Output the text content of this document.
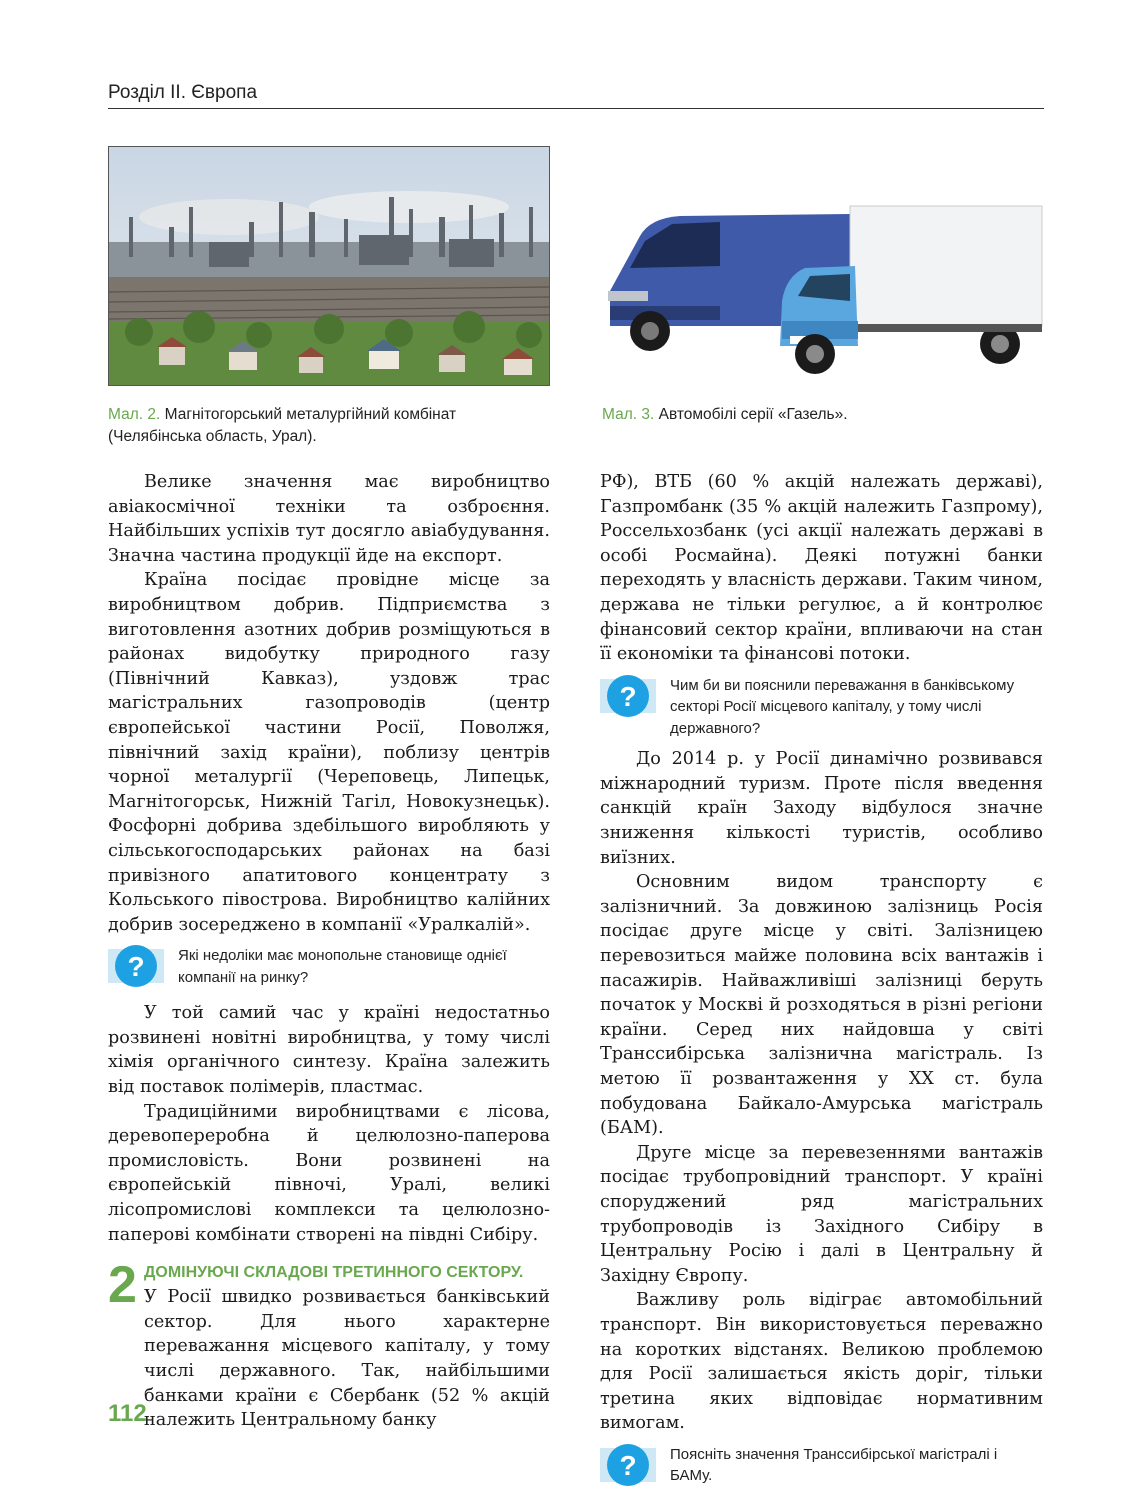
Розділ ІІ. Європа
Мал. 2. Магнітогорський металургійний комбінат (Челябінська область, Урал).
Мал. 3. Автомобілі серії «Газель».

Велике значення має виробництво авіакосмічної техніки та озброєння. Найбільших успіхів тут досягло авіабудування. Значна частина продукції йде на експорт.

Країна посідає провідне місце за виробництвом добрив. Підприємства з виготовлення азотних добрив розміщуються в районах видобутку природного газу (Північний Кавказ), уздовж трас магістральних газопроводів (центр європейської частини Росії, Поволжя, північний захід країни), поблизу центрів чорної металургії (Череповець, Липецьк, Магнітогорськ, Нижній Тагіл, Новокузнецьк). Фосфорні добрива здебільшого виробляють у сільськогосподарських районах на базі привізного апатитового концентрату з Кольського півострова. Виробництво калійних добрив зосереджено в компанії «Уралкалій».

? Які недоліки має монопольне становище однієї компанії на ринку?

У той самий час у країні недостатньо розвинені новітні виробництва, у тому числі хімія органічного синтезу. Країна залежить від поставок полімерів, пластмас.

Традиційними виробництвами є лісова, деревопереробна й целюлозно-паперова промисловість. Вони розвинені на європейській півночі, Уралі, великі лісопромислові комплекси та целюлозно-паперові комбінати створені на півдні Сибіру.

2 ДОМІНУЮЧІ СКЛАДОВІ ТРЕТИННОГО СЕКТОРУ.
У Росії швидко розвивається банківський сектор. Для нього характерне переважання місцевого капіталу, у тому числі державного. Так, найбільшими банками країни є Сбербанк (52 % акцій належить Центральному банку

РФ), ВТБ (60 % акцій належать державі), Газпромбанк (35 % акцій належить Газпрому), Россельхозбанк (усі акції належать державі в особі Росмайна). Деякі потужні банки переходять у власність держави. Таким чином, держава не тільки регулює, а й контролює фінансовий сектор країни, впливаючи на стан її економіки та фінансові потоки.

? Чим би ви пояснили переважання в банківському секторі Росії місцевого капіталу, у тому числі державного?

До 2014 р. у Росії динамічно розвивався міжнародний туризм. Проте після введення санкцій країн Заходу відбулося значне зниження кількості туристів, особливо виїзних.

Основним видом транспорту є залізничний. За довжиною залізниць Росія посідає друге місце у світі. Залізницею перевозиться майже половина всіх вантажів і пасажирів. Найважливіші залізниці беруть початок у Москві й розходяться в різні регіони країни. Серед них найдовша у світі Транссибірська залізнична магістраль. Із метою її розвантаження у ХХ ст. була побудована Байкало-Амурська магістраль (БАМ).

Друге місце за перевезеннями вантажів посідає трубопровідний транспорт. У країні споруджений ряд магістральних трубопроводів із Західного Сибіру в Центральну Росію і далі в Центральну й Західну Європу.

Важливу роль відіграє автомобільний транспорт. Він використовується переважно на коротких відстанях. Великою проблемою для Росії залишається якість доріг, тільки третина яких відповідає нормативним вимогам.

? Поясніть значення Транссибірської магістралі і БАМу.
112
